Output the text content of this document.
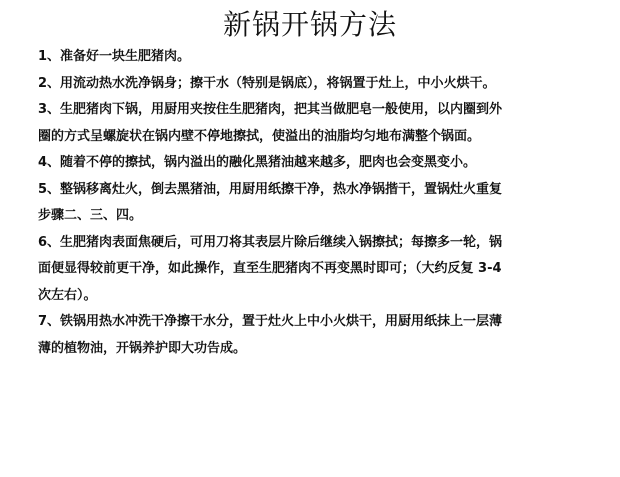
新锅开锅方法
1、准备好一块生肥猪肉。
2、用流动热水洗净锅身；擦干水（特别是锅底），将锅置于灶上，中小火烘干。
3、生肥猪肉下锅，用厨用夹按住生肥猪肉，把其当做肥皂一般使用，以内圈到外
圈的方式呈螺旋状在锅内壁不停地擦拭，使溢出的油脂均匀地布满整个锅面。
4、随着不停的擦拭，锅内溢出的融化黑猪油越来越多，肥肉也会变黑变小。
5、整锅移离灶火，倒去黑猪油，用厨用纸擦干净，热水净锅揩干，置锅灶火重复
步骤二、三、四。
6、生肥猪肉表面焦硬后，可用刀将其表层片除后继续入锅擦拭；每擦多一轮，锅
面便显得较前更干净，如此操作，直至生肥猪肉不再变黑时即可；（大约反复 3-4
次左右）。
7、铁锅用热水冲洗干净擦干水分，置于灶火上中小火烘干，用厨用纸抹上一层薄
薄的植物油，开锅养护即大功告成。
